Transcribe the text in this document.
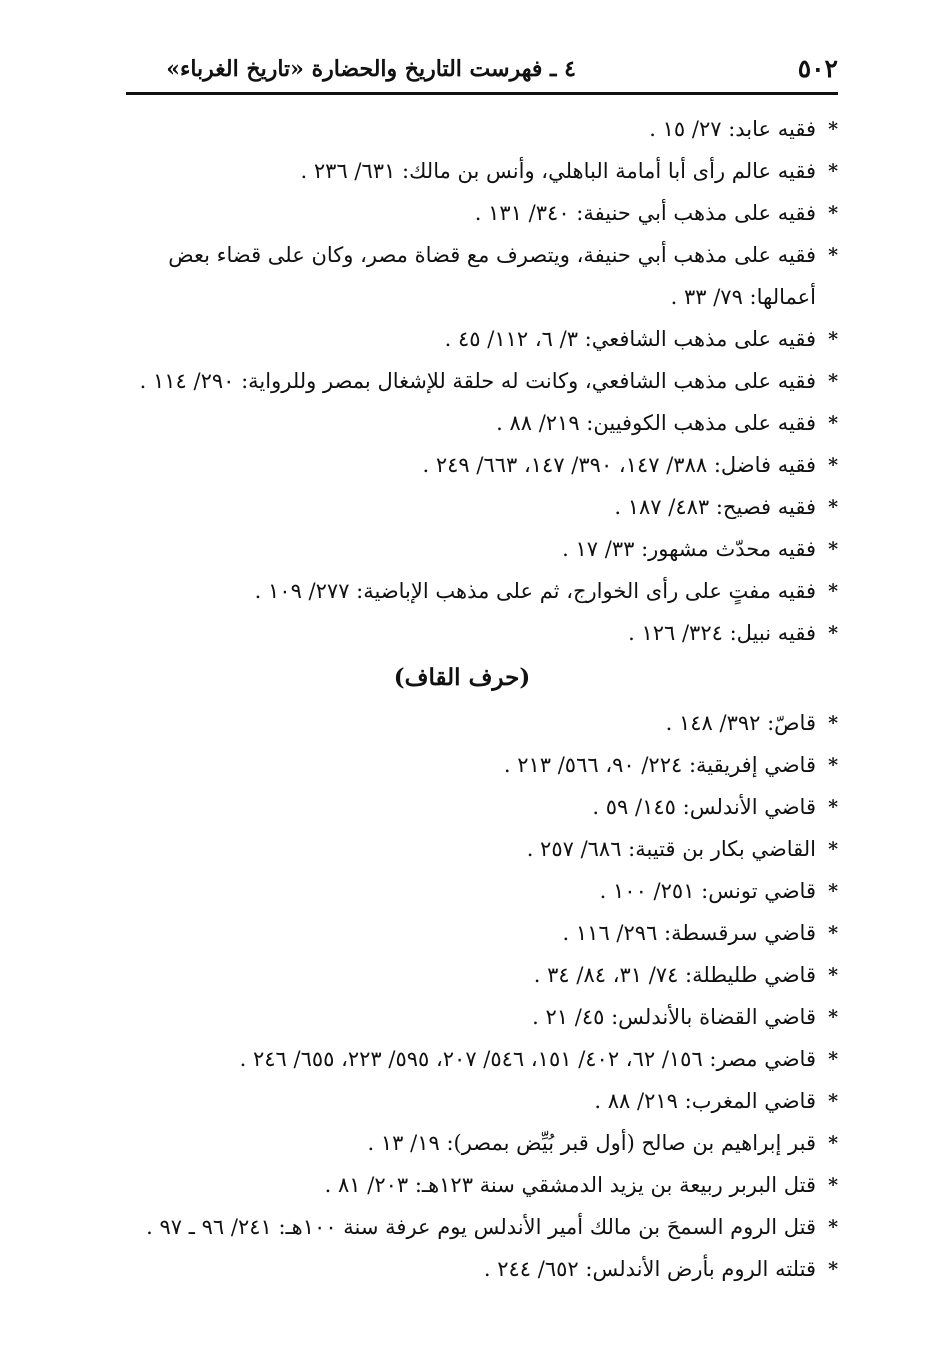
٥٠٢
٤ ـ فهرست التاريخ والحضارة «تاريخ الغرباء»
*
فقيه عابد: ٢٧/ ١٥ .
*
فقيه عالم رأى أبا أمامة الباهلي، وأنس بن مالك: ٦٣١/ ٢٣٦ .
*
فقيه على مذهب أبي حنيفة: ٣٤٠/ ١٣١ .
*
فقيه على مذهب أبي حنيفة، ويتصرف مع قضاة مصر، وكان على قضاء بعض أعمالها: ٧٩/ ٣٣ .
*
فقيه على مذهب الشافعي: ٣/ ٦، ١١٢/ ٤٥ .
*
فقيه على مذهب الشافعي، وكانت له حلقة للإشغال بمصر وللرواية: ٢٩٠/ ١١٤ .
*
فقيه على مذهب الكوفيين: ٢١٩/ ٨٨ .
*
فقيه فاضل: ٣٨٨/ ١٤٧، ٣٩٠/ ١٤٧، ٦٦٣/ ٢٤٩ .
*
فقيه فصيح: ٤٨٣/ ١٨٧ .
*
فقيه محدّث مشهور: ٣٣/ ١٧ .
*
فقيه مفتٍ على رأى الخوارج، ثم على مذهب الإباضية: ٢٧٧/ ١٠٩ .
*
فقيه نبيل: ٣٢٤/ ١٢٦ .
(حرف القاف)
*
قاصّ: ٣٩٢/ ١٤٨ .
*
قاضي إفريقية: ٢٢٤/ ٩٠، ٥٦٦/ ٢١٣ .
*
قاضي الأندلس: ١٤٥/ ٥٩ .
*
القاضي بكار بن قتيبة: ٦٨٦/ ٢٥٧ .
*
قاضي تونس: ٢٥١/ ١٠٠ .
*
قاضي سرقسطة: ٢٩٦/ ١١٦ .
*
قاضي طليطلة: ٧٤/ ٣١، ٨٤/ ٣٤ .
*
قاضي القضاة بالأندلس: ٤٥/ ٢١ .
*
قاضي مصر: ١٥٦/ ٦٢، ٤٠٢/ ١٥١، ٥٤٦/ ٢٠٧، ٥٩٥/ ٢٢٣، ٦٥٥/ ٢٤٦ .
*
قاضي المغرب: ٢١٩/ ٨٨ .
*
قبر إبراهيم بن صالح (أول قبر بُيِّض بمصر): ١٩/ ١٣ .
*
قتل البربر ربيعة بن يزيد الدمشقي سنة ١٢٣هـ: ٢٠٣/ ٨١ .
*
قتل الروم السمحَ بن مالك أمير الأندلس يوم عرفة سنة ١٠٠هـ: ٢٤١/ ٩٦ ـ ٩٧ .
*
قتلته الروم بأرض الأندلس: ٦٥٢/ ٢٤٤ .
